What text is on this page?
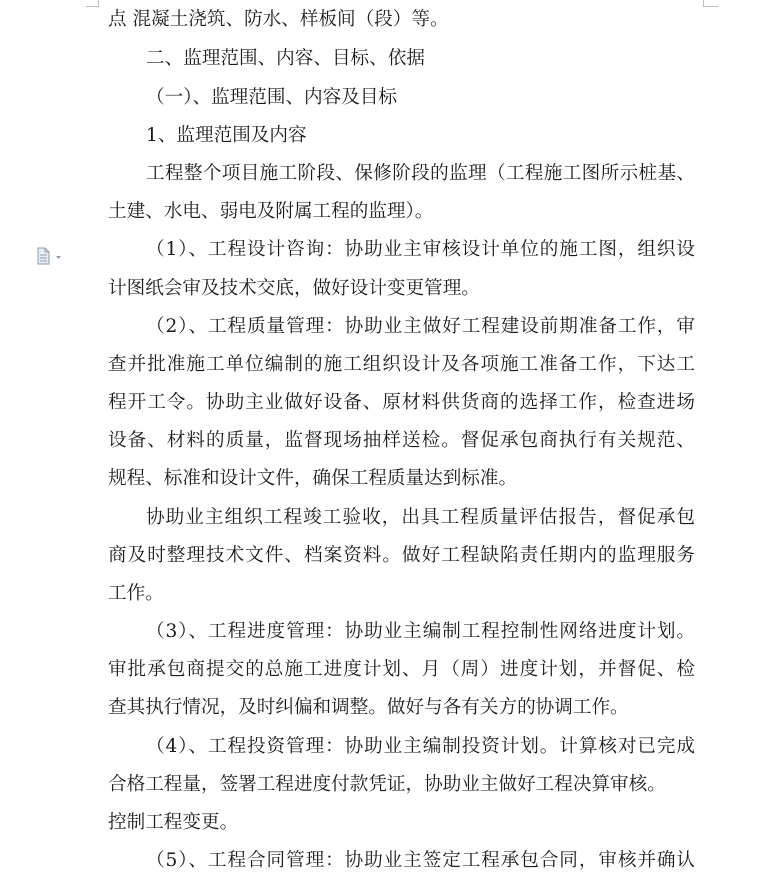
点 混凝土浇筑、防水、样板间（段）等。
二、监理范围、内容、目标、依据
（一）、监理范围、内容及目标
1、监理范围及内容
工程整个项目施工阶段、保修阶段的监理（工程施工图所示桩基、
土建、水电、弱电及附属工程的监理）。
（1）、工程设计咨询：协助业主审核设计单位的施工图，组织设
计图纸会审及技术交底，做好设计变更管理。
（2）、工程质量管理：协助业主做好工程建设前期准备工作，审
查并批准施工单位编制的施工组织设计及各项施工准备工作，下达工
程开工令。协助主业做好设备、原材料供货商的选择工作，检查进场
设备、材料的质量，监督现场抽样送检。督促承包商执行有关规范、
规程、标准和设计文件，确保工程质量达到标准。
协助业主组织工程竣工验收，出具工程质量评估报告，督促承包
商及时整理技术文件、档案资料。做好工程缺陷责任期内的监理服务
工作。
（3）、工程进度管理：协助业主编制工程控制性网络进度计划。
审批承包商提交的总施工进度计划、月（周）进度计划，并督促、检
查其执行情况，及时纠偏和调整。做好与各有关方的协调工作。
（4）、工程投资管理：协助业主编制投资计划。计算核对已完成
合格工程量，签署工程进度付款凭证，协助业主做好工程决算审核。
控制工程变更。
（5）、工程合同管理：协助业主签定工程承包合同，审核并确认
